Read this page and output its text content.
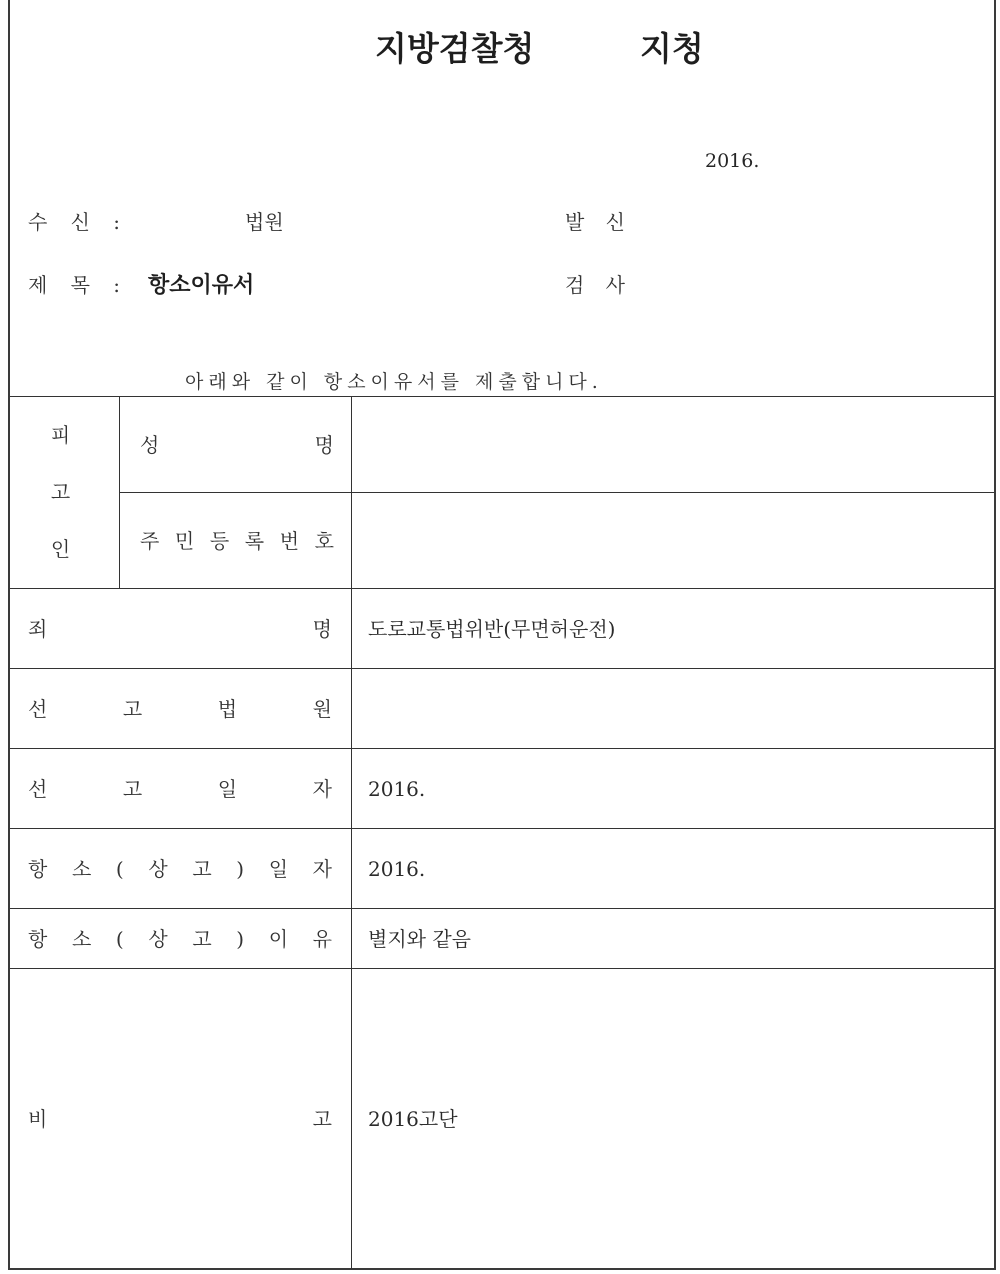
지방검찰청	지청
2016.
수 신 :	법원	발 신
제 목 : 항소이유서	검 사
아래와 같이 항소이유서를 제출합니다.
피고인
성 명
주 민 등 록 번 호
죄 명 도로교통법위반(무면허운전)
선 고 법 원
선 고 일 자 2016.
항 소 ( 상 고 ) 일 자 2016.
항 소 ( 상 고 ) 이 유 별지와 같음
비 고 2016고단
